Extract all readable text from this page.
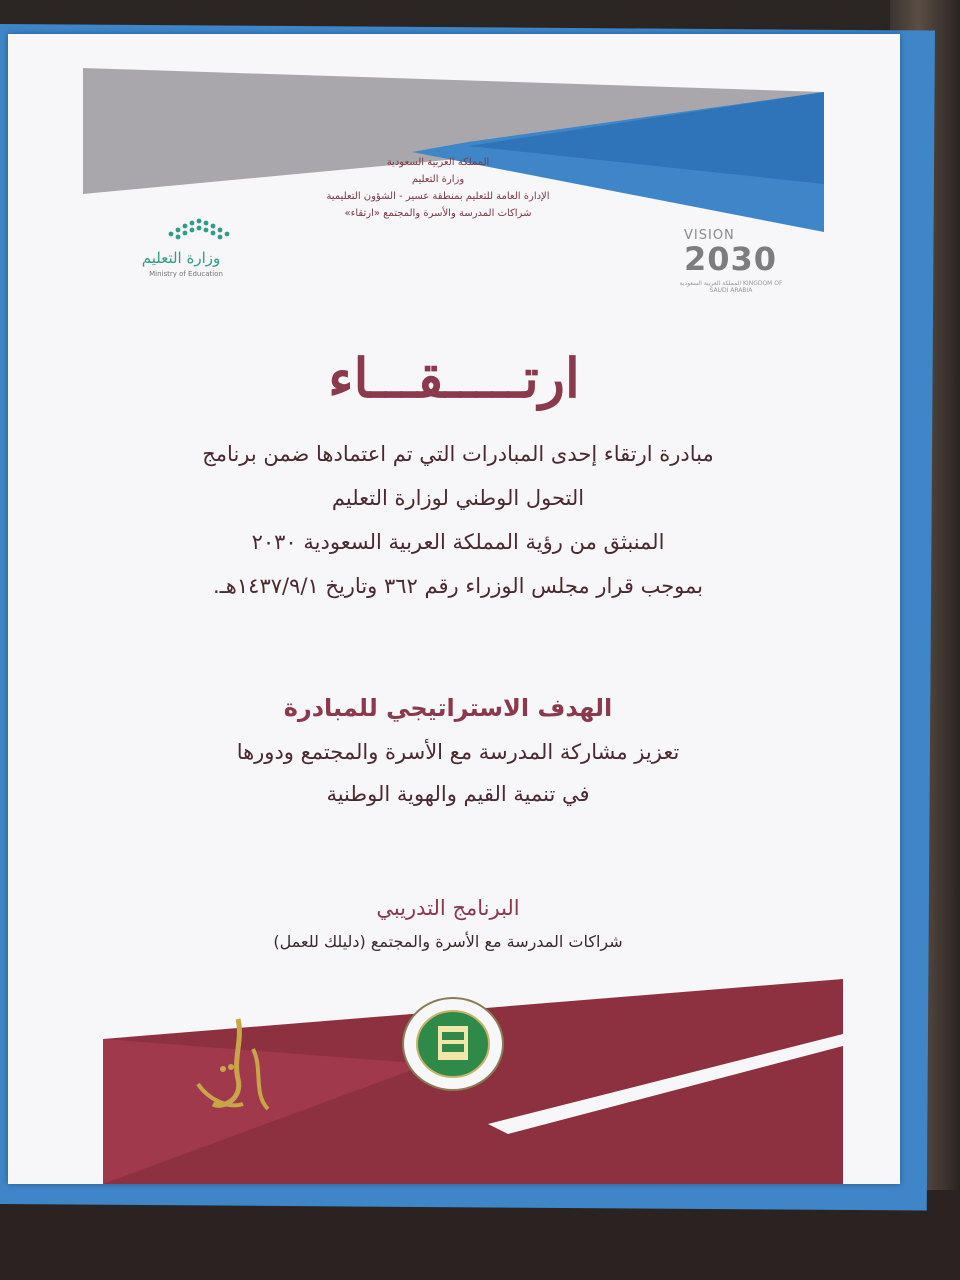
المملكة العربية السعودية
وزارة التعليم
الإدارة العامة للتعليم بمنطقة عسير - الشؤون التعليمية
شراكات المدرسة والأسرة والمجتمع «ارتقاء»
وزارة التعليم
Ministry of Education
VISION
2030
المملكة العربية السعودية KINGDOM OF SAUDI ARABIA
ارتـــــقـــاء
مبادرة ارتقاء إحدى المبادرات التي تم اعتمادها ضمن برنامج
التحول الوطني لوزارة التعليم
المنبثق من رؤية المملكة العربية السعودية ٢٠٣٠
بموجب قرار مجلس الوزراء رقم ٣٦٢ وتاريخ ١٤٣٧/٩/١هـ.
الهدف الاستراتيجي للمبادرة
تعزيز مشاركة المدرسة مع الأسرة والمجتمع ودورها
في تنمية القيم والهوية الوطنية
البرنامج التدريبي
شراكات المدرسة مع الأسرة والمجتمع (دليلك للعمل)
